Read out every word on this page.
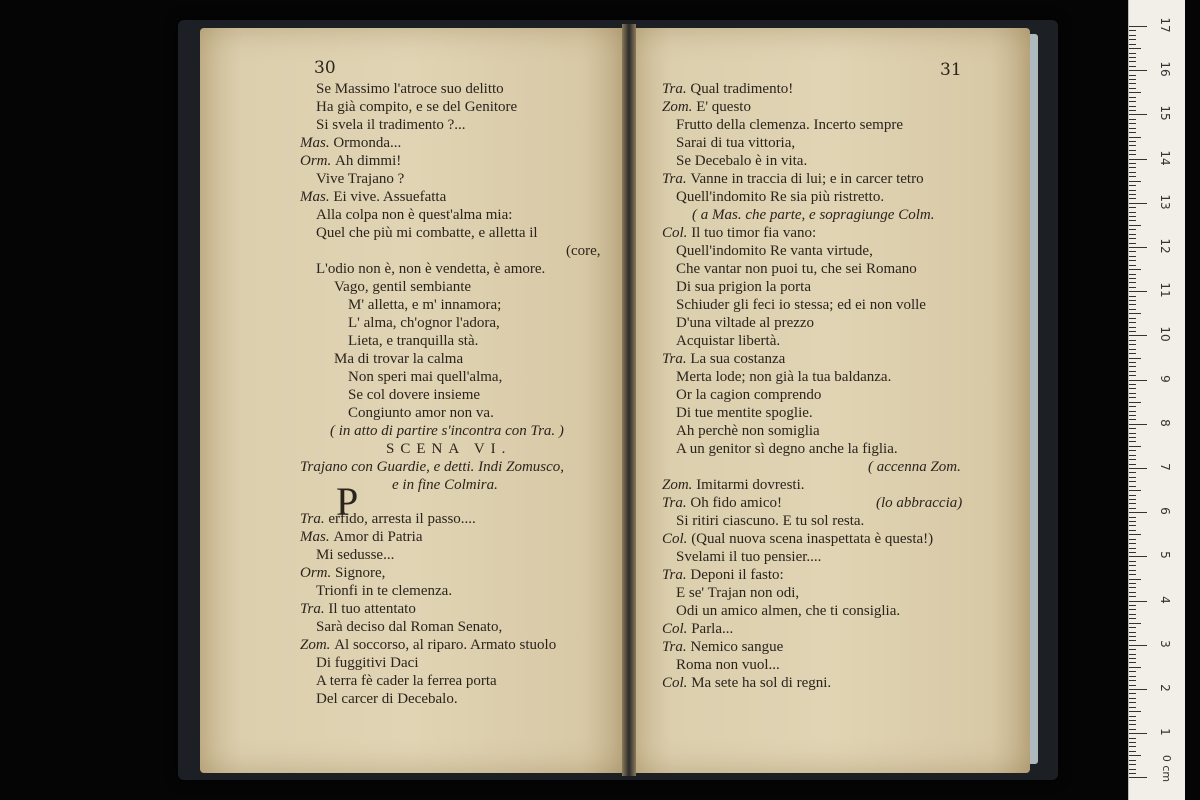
Se Massimo l'atroce suo delitto
Ha già compito, e se del Genitore
Si svela il tradimento ?...
Mas. Ormonda...
Orm. Ah dimmi!
Vive Trajano ?
Mas. Ei vive. Assuefatta
Alla colpa non è quest'alma mia:
Quel che più mi combatte, e alletta il
(core,
L'odio non è, non è vendetta, è amore.
Vago, gentil sembiante
M' alletta, e m' innamora;
L' alma, ch'ognor l'adora,
Lieta, e tranquilla stà.
Ma di trovar la calma
Non speri mai quell'alma,
Se col dovere insieme
Congiunto amor non va.
( in atto di partire s'incontra con Tra. )
SCENA VI.
Trajano con Guardie, e detti. Indi Zomusco,
e in fine Colmira.
Tra. erfido, arresta il passo....
Mas. Amor di Patria
Mi sedusse...
Orm. Signore,
Trionfi in te clemenza.
Tra. Il tuo attentato
Sarà deciso dal Roman Senato,
Zom. Al soccorso, al riparo. Armato stuolo
Di fuggitivi Daci
A terra fè cader la ferrea porta
Del carcer di Decebalo.
Tra. Qual tradimento!
Zom. E' questo
Frutto della clemenza. Incerto sempre
Sarai di tua vittoria,
Se Decebalo è in vita.
Tra. Vanne in traccia di lui; e in carcer tetro
Quell'indomito Re sia più ristretto.
( a Mas. che parte, e sopragiunge Colm.
Col. Il tuo timor fia vano:
Quell'indomito Re vanta virtude,
Che vantar non puoi tu, che sei Romano
Di sua prigion la porta
Schiuder gli feci io stessa; ed ei non volle
D'una viltade al prezzo
Acquistar libertà.
Tra. La sua costanza
Merta lode; non già la tua baldanza.
Or la cagion comprendo
Di tue mentite spoglie.
Ah perchè non somiglia
A un genitor sì degno anche la figlia.
( accenna Zom.
Zom. Imitarmi dovresti.
Tra. Oh fido amico!	(lo abbraccia)
Si ritiri ciascuno. E tu sol resta.
Col. (Qual nuova scena inaspettata è questa!)
Svelami il tuo pensier....
Tra. Deponi il fasto:
E se' Trajan non odi,
Odi un amico almen, che ti consiglia.
Col. Parla...
Tra. Nemico sangue
Roma non vuol...
Col. Ma sete ha sol di regni.
30	31
P
0 cm
17
16
15
14
13
12
11
10
9
8
7
6
5
4
3
2
1
